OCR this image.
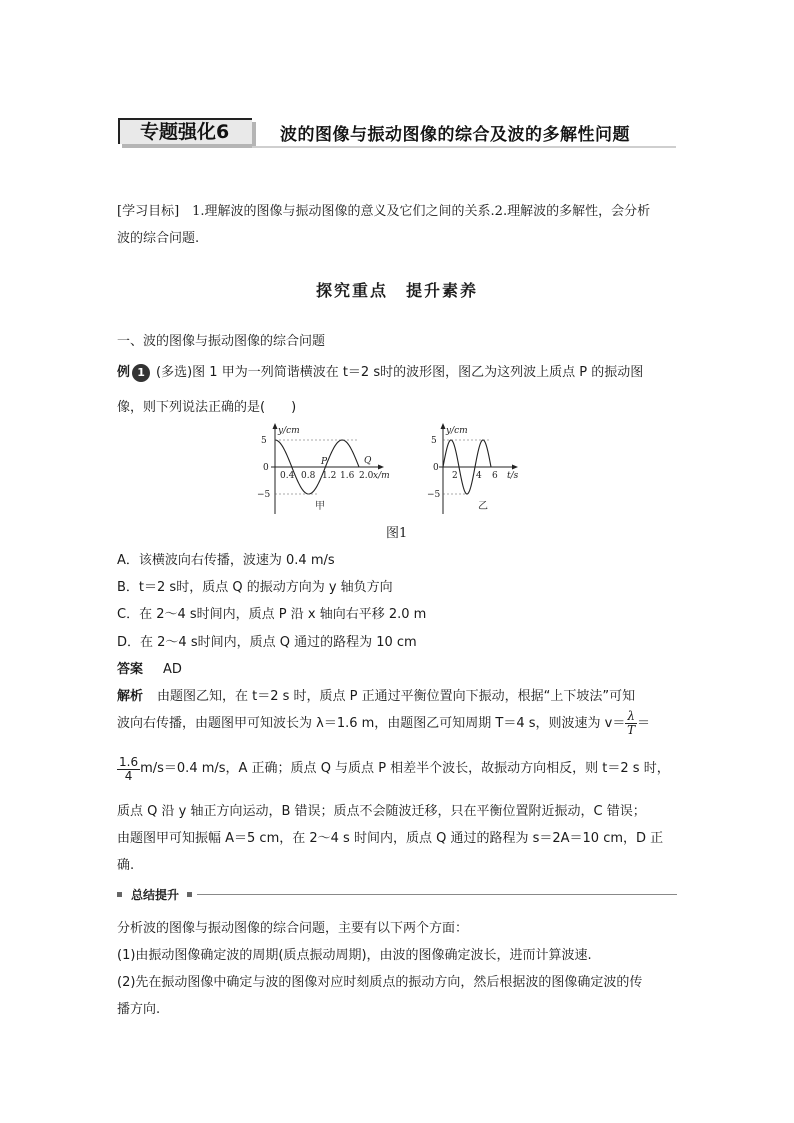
专题强化6	波的图像与振动图像的综合及波的多解性问题
[学习目标]　1.理解波的图像与振动图像的意义及它们之间的关系.2.理解波的多解性，会分析
波的综合问题.
探究重点　提升素养
一、波的图像与振动图像的综合问题
例 1 (多选)图 1 甲为一列简谐横波在 t＝2 s时的波形图，图乙为这列波上质点 P 的振动图
像，则下列说法正确的是(　　)
y/cm
5
0
−5
0.4 0.8 1.2 1.6 2.0 x/m
P	Q
甲
y/cm
5
0
−5
2 4 6 t/s
乙
图1
A．该横波向右传播，波速为 0.4 m/s
B．t＝2 s时，质点 Q 的振动方向为 y 轴负方向
C．在 2～4 s时间内，质点 P 沿 x 轴向右平移 2.0 m
D．在 2～4 s时间内，质点 Q 通过的路程为 10 cm
答案 AD
解析 由题图乙知，在 t＝2 s 时，质点 P 正通过平衡位置向下振动，根据“上下坡法”可知
波向右传播，由题图甲可知波长为 λ＝1.6 m，由题图乙可知周期 T＝4 s，则波速为 $v= \frac{\lambda}{T}$ ＝
$\frac{1.6}{4} m/s=0.4$ m/s，A 正确；质点 Q 与质点 P 相差半个波长，故振动方向相反，则 t＝2 s 时，
质点 Q 沿 y 轴正方向运动，B 错误；质点不会随波迁移，只在平衡位置附近振动，C 错误；
由题图甲可知振幅 A＝5 cm，在 2～4 s 时间内，质点 Q 通过的路程为 s＝2A＝10 cm，D 正
确.
总结提升
分析波的图像与振动图像的综合问题，主要有以下两个方面：
(1)由振动图像确定波的周期(质点振动周期)，由波的图像确定波长，进而计算波速.
(2)先在振动图像中确定与波的图像对应时刻质点的振动方向，然后根据波的图像确定波的传
播方向.
